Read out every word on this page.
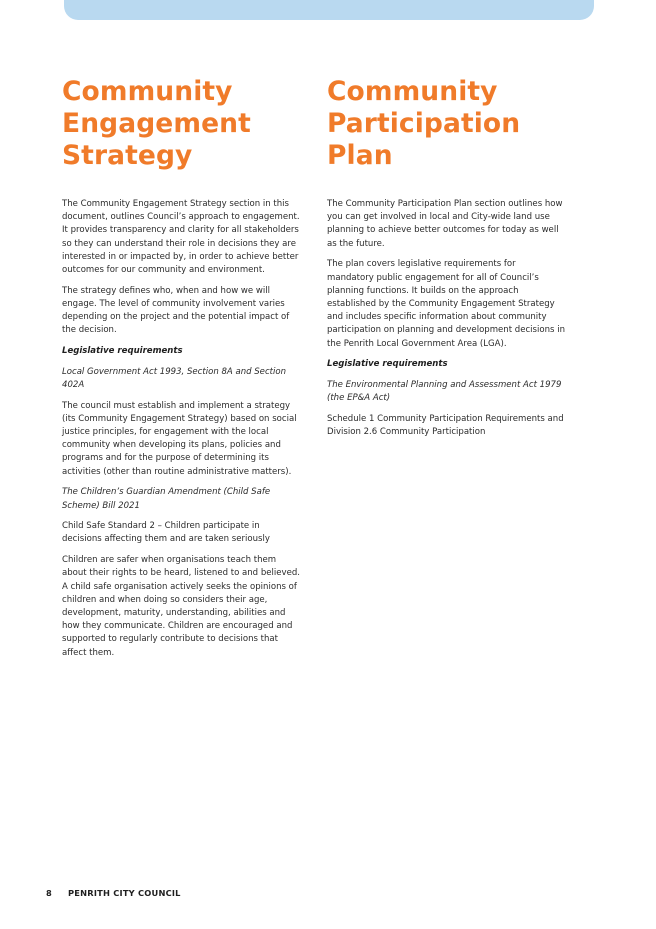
Community
Engagement
Strategy

The Community Engagement Strategy section in this document, outlines Council’s approach to engagement. It provides transparency and clarity for all stakeholders so they can understand their role in decisions they are interested in or impacted by, in order to achieve better outcomes for our community and environment.

The strategy defines who, when and how we will engage. The level of community involvement varies depending on the project and the potential impact of the decision.

Legislative requirements

Local Government Act 1993, Section 8A and Section 402A

The council must establish and implement a strategy (its Community Engagement Strategy) based on social justice principles, for engagement with the local community when developing its plans, policies and programs and for the purpose of determining its activities (other than routine administrative matters).

The Children’s Guardian Amendment (Child Safe Scheme) Bill 2021

Child Safe Standard 2 – Children participate in decisions affecting them and are taken seriously

Children are safer when organisations teach them about their rights to be heard, listened to and believed. A child safe organisation actively seeks the opinions of children and when doing so considers their age, development, maturity, understanding, abilities and how they communicate. Children are encouraged and supported to regularly contribute to decisions that affect them.

Community
Participation
Plan

The Community Participation Plan section outlines how you can get involved in local and City-wide land use planning to achieve better outcomes for today as well as the future.

The plan covers legislative requirements for mandatory public engagement for all of Council’s planning functions. It builds on the approach established by the Community Engagement Strategy and includes specific information about community participation on planning and development decisions in the Penrith Local Government Area (LGA).

Legislative requirements

The Environmental Planning and Assessment Act 1979 (the EP&A Act)

Schedule 1 Community Participation Requirements and Division 2.6 Community Participation

8 PENRITH CITY COUNCIL
